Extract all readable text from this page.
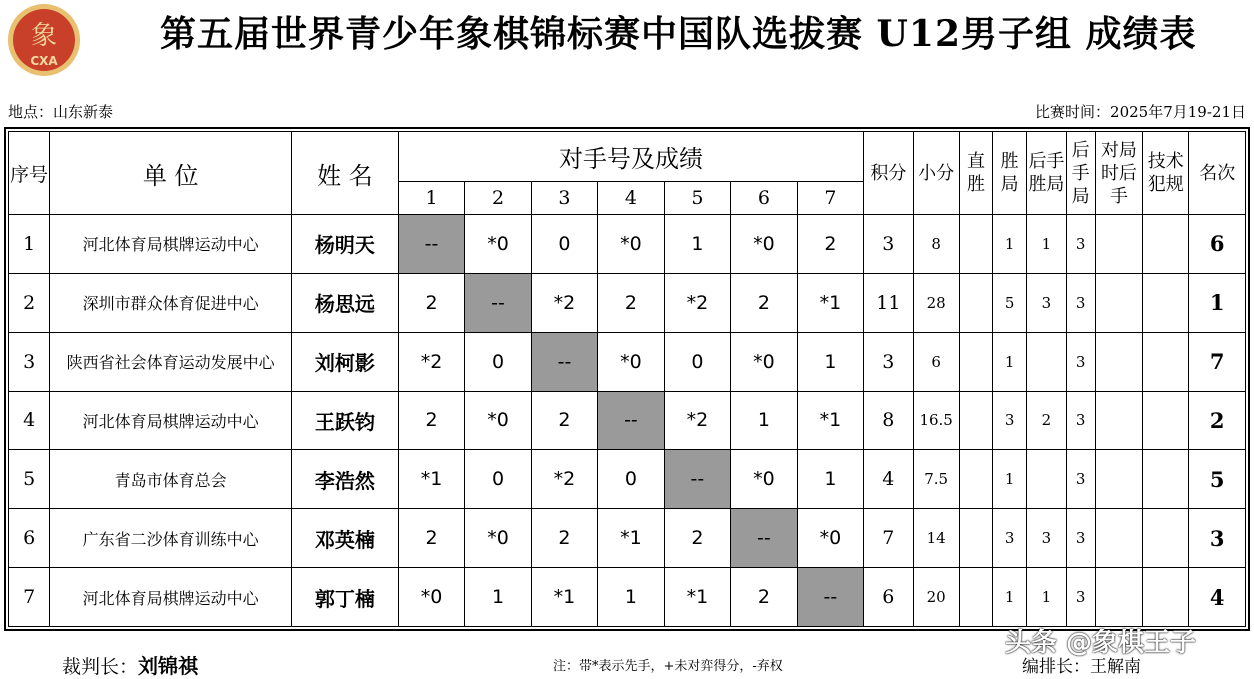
象
CXA
第五届世界青少年象棋锦标赛中国队选拔赛 U12男子组 成绩表
地点：山东新泰	比赛时间：2025年7月19-21日
序号	单 位	姓 名	对手号及成绩							积分	小分	直胜	胜局	后手胜局	后手局	对局时后手	技术犯规	名次
			1	2	3	4	5	6	7									
1	河北体育局棋牌运动中心	杨明天	--	*0	0	*0	1	*0	2	3	8		1	1	3			6
2	深圳市群众体育促进中心	杨思远	2	--	*2	2	*2	2	*1	11	28		5	3	3			1
3	陕西省社会体育运动发展中心	刘柯影	*2	0	--	*0	0	*0	1	3	6		1		3			7
4	河北体育局棋牌运动中心	王跃钧	2	*0	2	--	*2	1	*1	8	16.5		3	2	3			2
5	青岛市体育总会	李浩然	*1	0	*2	0	--	*0	1	4	7.5		1		3			5
6	广东省二沙体育训练中心	邓英楠	2	*0	2	*1	2	--	*0	7	14		3	3	3			3
7	河北体育局棋牌运动中心	郭丁楠	*0	1	*1	1	*1	2	--	6	20		1	1	3			4
裁判长：刘锦祺	注：带*表示先手，+未对弈得分，-弃权	编排长：王解南
头条 @象棋王子
